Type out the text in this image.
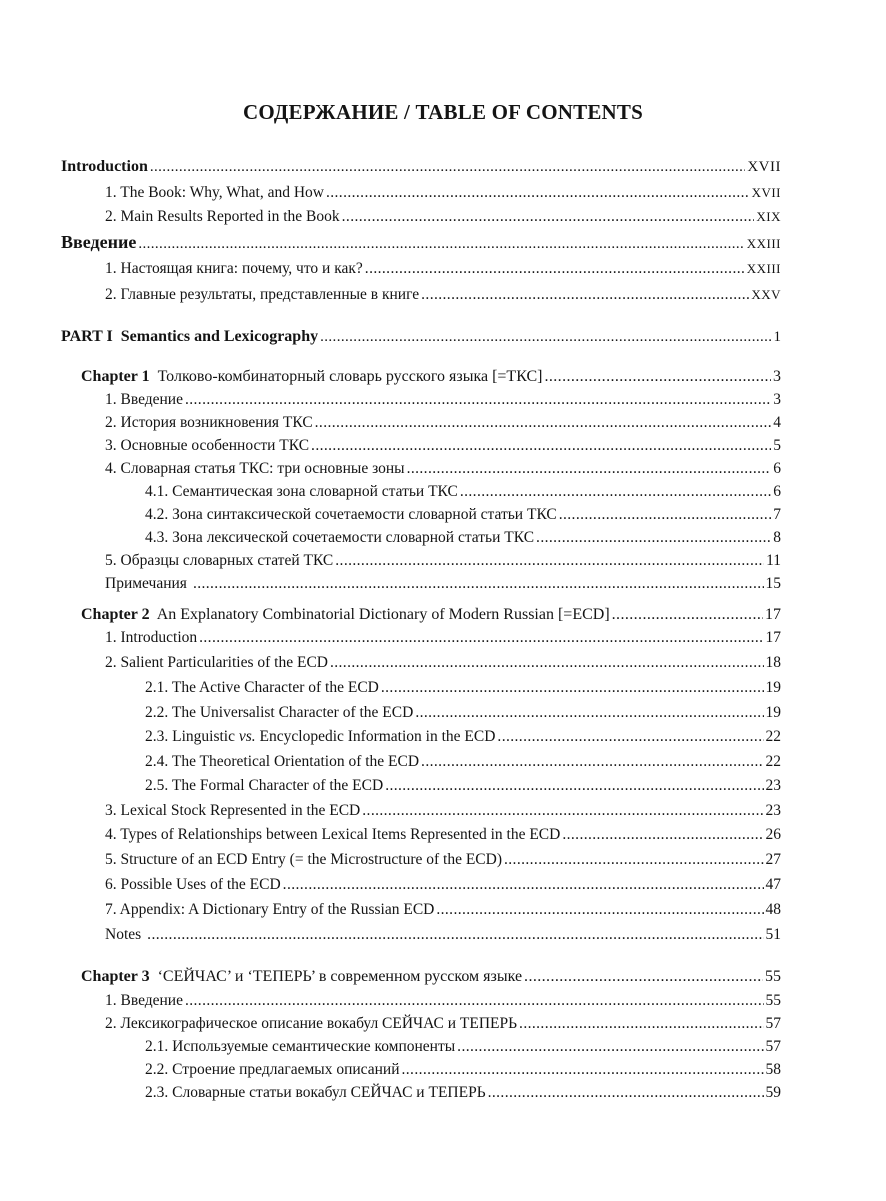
СОДЕРЖАНИЕ / TABLE OF CONTENTS
Introduction .....	XVII
1. The Book: Why, What, and How .....	XVII
2. Main Results Reported in the Book .....	XIX
Введение .....	XXIII
1. Настоящая книга: почему, что и как? .....	XXIII
2. Главные результаты, представленные в книге .....	XXV
PART I  Semantics and Lexicography .....	1
Chapter 1 Толково-комбинаторный словарь русского языка [=ТКС] .....	3
1. Введение .....	3
2. История возникновения ТКС .....	4
3. Основные особенности ТКС .....	5
4. Словарная статья ТКС: три основные зоны .....	6
4.1. Семантическая зона словарной статьи ТКС .....	6
4.2. Зона синтаксической сочетаемости словарной статьи ТКС .....	7
4.3. Зона лексической сочетаемости словарной статьи ТКС .....	8
5. Образцы словарных статей ТКС .....	11
Примечания .....	15
Chapter 2 An Explanatory Combinatorial Dictionary of Modern Russian [=ECD] .....	17
1. Introduction .....	17
2. Salient Particularities of the ECD .....	18
2.1. The Active Character of the ECD .....	19
2.2. The Universalist Character of the ECD .....	19
2.3. Linguistic vs. Encyclopedic Information in the ECD .....	22
2.4. The Theoretical Orientation of the ECD .....	22
2.5. The Formal Character of the ECD .....	23
3. Lexical Stock Represented in the ECD .....	23
4. Types of Relationships between Lexical Items Represented in the ECD .....	26
5. Structure of an ECD Entry (= the Microstructure of the ECD) .....	27
6. Possible Uses of the ECD .....	47
7. Appendix: A Dictionary Entry of the Russian ECD .....	48
Notes .....	51
Chapter 3 ‘СЕЙЧАС’ и ‘ТЕПЕРЬ’ в современном русском языке .....	55
1. Введение .....	55
2. Лексикографическое описание вокабул СЕЙЧАС и ТЕПЕРЬ .....	57
2.1. Используемые семантические компоненты .....	57
2.2. Строение предлагаемых описаний .....	58
2.3. Словарные статьи вокабул СЕЙЧАС и ТЕПЕРЬ .....	59
